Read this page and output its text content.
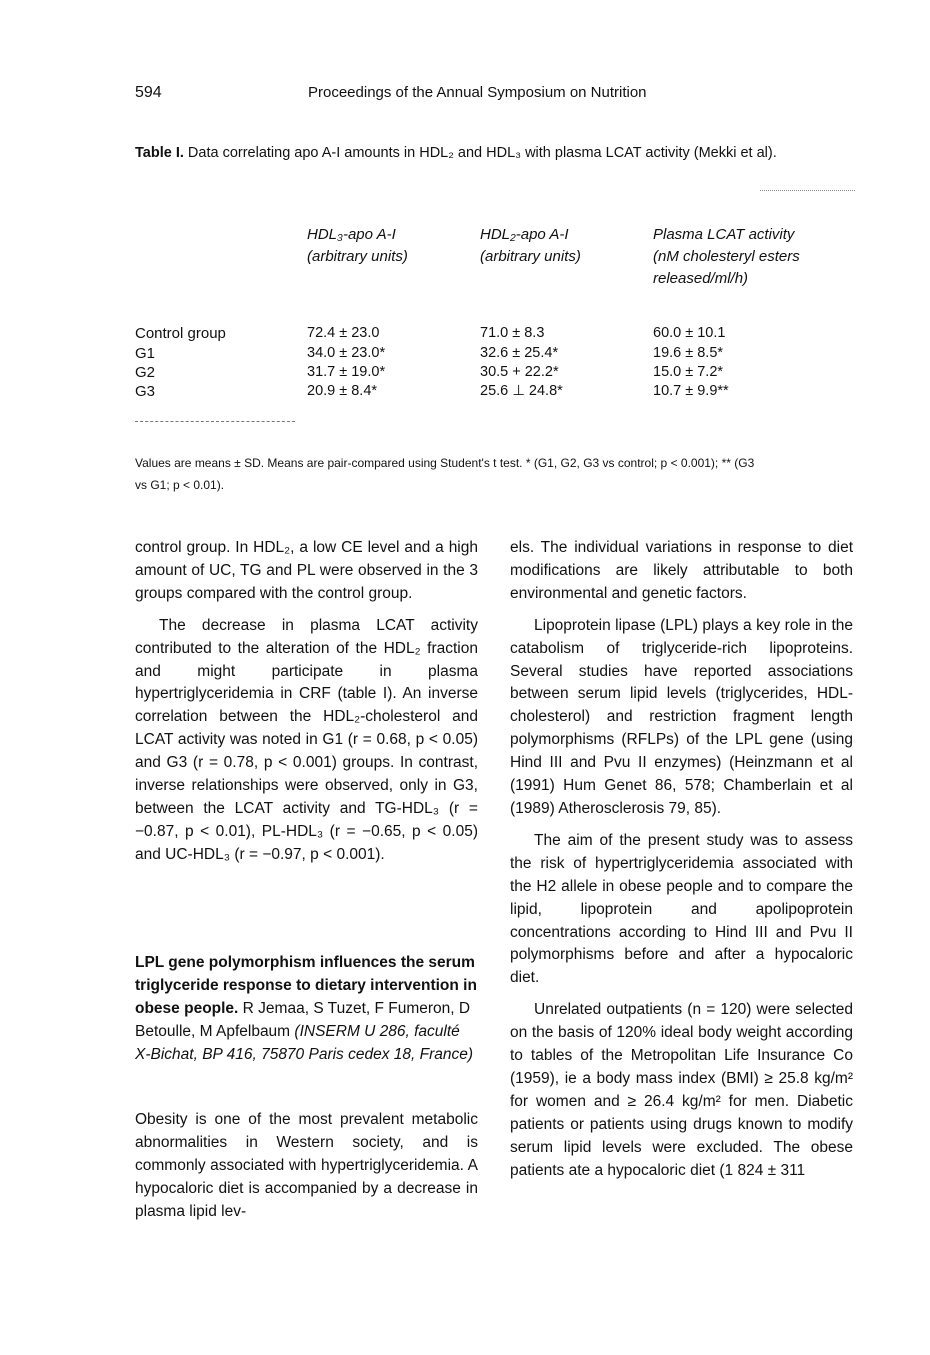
594	Proceedings of the Annual Symposium on Nutrition
Table I. Data correlating apo A-I amounts in HDL₂ and HDL₃ with plasma LCAT activity (Mekki et al).
HDL₃-apo A-I
(arbitrary units)
HDL₂-apo A-I
(arbitrary units)
Plasma LCAT activity
(nM cholesteryl esters
released/ml/h)
Control group	72.4 ± 23.0	71.0 ± 8.3	60.0 ± 10.1
G1	34.0 ± 23.0*	32.6 ± 25.4*	19.6 ± 8.5*
G2	31.7 ± 19.0*	30.5 + 22.2*	15.0 ± 7.2*
G3	20.9 ± 8.4*	25.6 ⊥ 24.8*	10.7 ± 9.9**
Values are means ± SD. Means are pair-compared using Student's t test. * (G1, G2, G3 vs control; p < 0.001); ** (G3
vs G1; p < 0.01).

control group. In HDL₂, a low CE level and a high amount of UC, TG and PL were observed in the 3 groups compared with the control group.

The decrease in plasma LCAT activity contributed to the alteration of the HDL₂ fraction and might participate in plasma hypertriglyceridemia in CRF (table I). An inverse correlation between the HDL₂-cholesterol and LCAT activity was noted in G1 (r = 0.68, p < 0.05) and G3 (r = 0.78, p < 0.001) groups. In contrast, inverse relationships were observed, only in G3, between the LCAT activity and TG-HDL₃ (r = −0.87, p < 0.01), PL-HDL₃ (r = −0.65, p < 0.05) and UC-HDL₃ (r = −0.97, p < 0.001).

LPL gene polymorphism influences the serum triglyceride response to dietary intervention in obese people. R Jemaa, S Tuzet, F Fumeron, D Betoulle, M Apfelbaum (INSERM U 286, faculté X-Bichat, BP 416, 75870 Paris cedex 18, France)

Obesity is one of the most prevalent metabolic abnormalities in Western society, and is commonly associated with hypertriglyceridemia. A hypocaloric diet is accompanied by a decrease in plasma lipid lev-

els. The individual variations in response to diet modifications are likely attributable to both environmental and genetic factors.

Lipoprotein lipase (LPL) plays a key role in the catabolism of triglyceride-rich lipoproteins. Several studies have reported associations between serum lipid levels (triglycerides, HDL-cholesterol) and restriction fragment length polymorphisms (RFLPs) of the LPL gene (using Hind III and Pvu II enzymes) (Heinzmann et al (1991) Hum Genet 86, 578; Chamberlain et al (1989) Atherosclerosis 79, 85).

The aim of the present study was to assess the risk of hypertriglyceridemia associated with the H2 allele in obese people and to compare the lipid, lipoprotein and apolipoprotein concentrations according to Hind III and Pvu II polymorphisms before and after a hypocaloric diet.

Unrelated outpatients (n = 120) were selected on the basis of 120% ideal body weight according to tables of the Metropolitan Life Insurance Co (1959), ie a body mass index (BMI) ≥ 25.8 kg/m² for women and ≥ 26.4 kg/m² for men. Diabetic patients or patients using drugs known to modify serum lipid levels were excluded. The obese patients ate a hypocaloric diet (1 824 ± 311
